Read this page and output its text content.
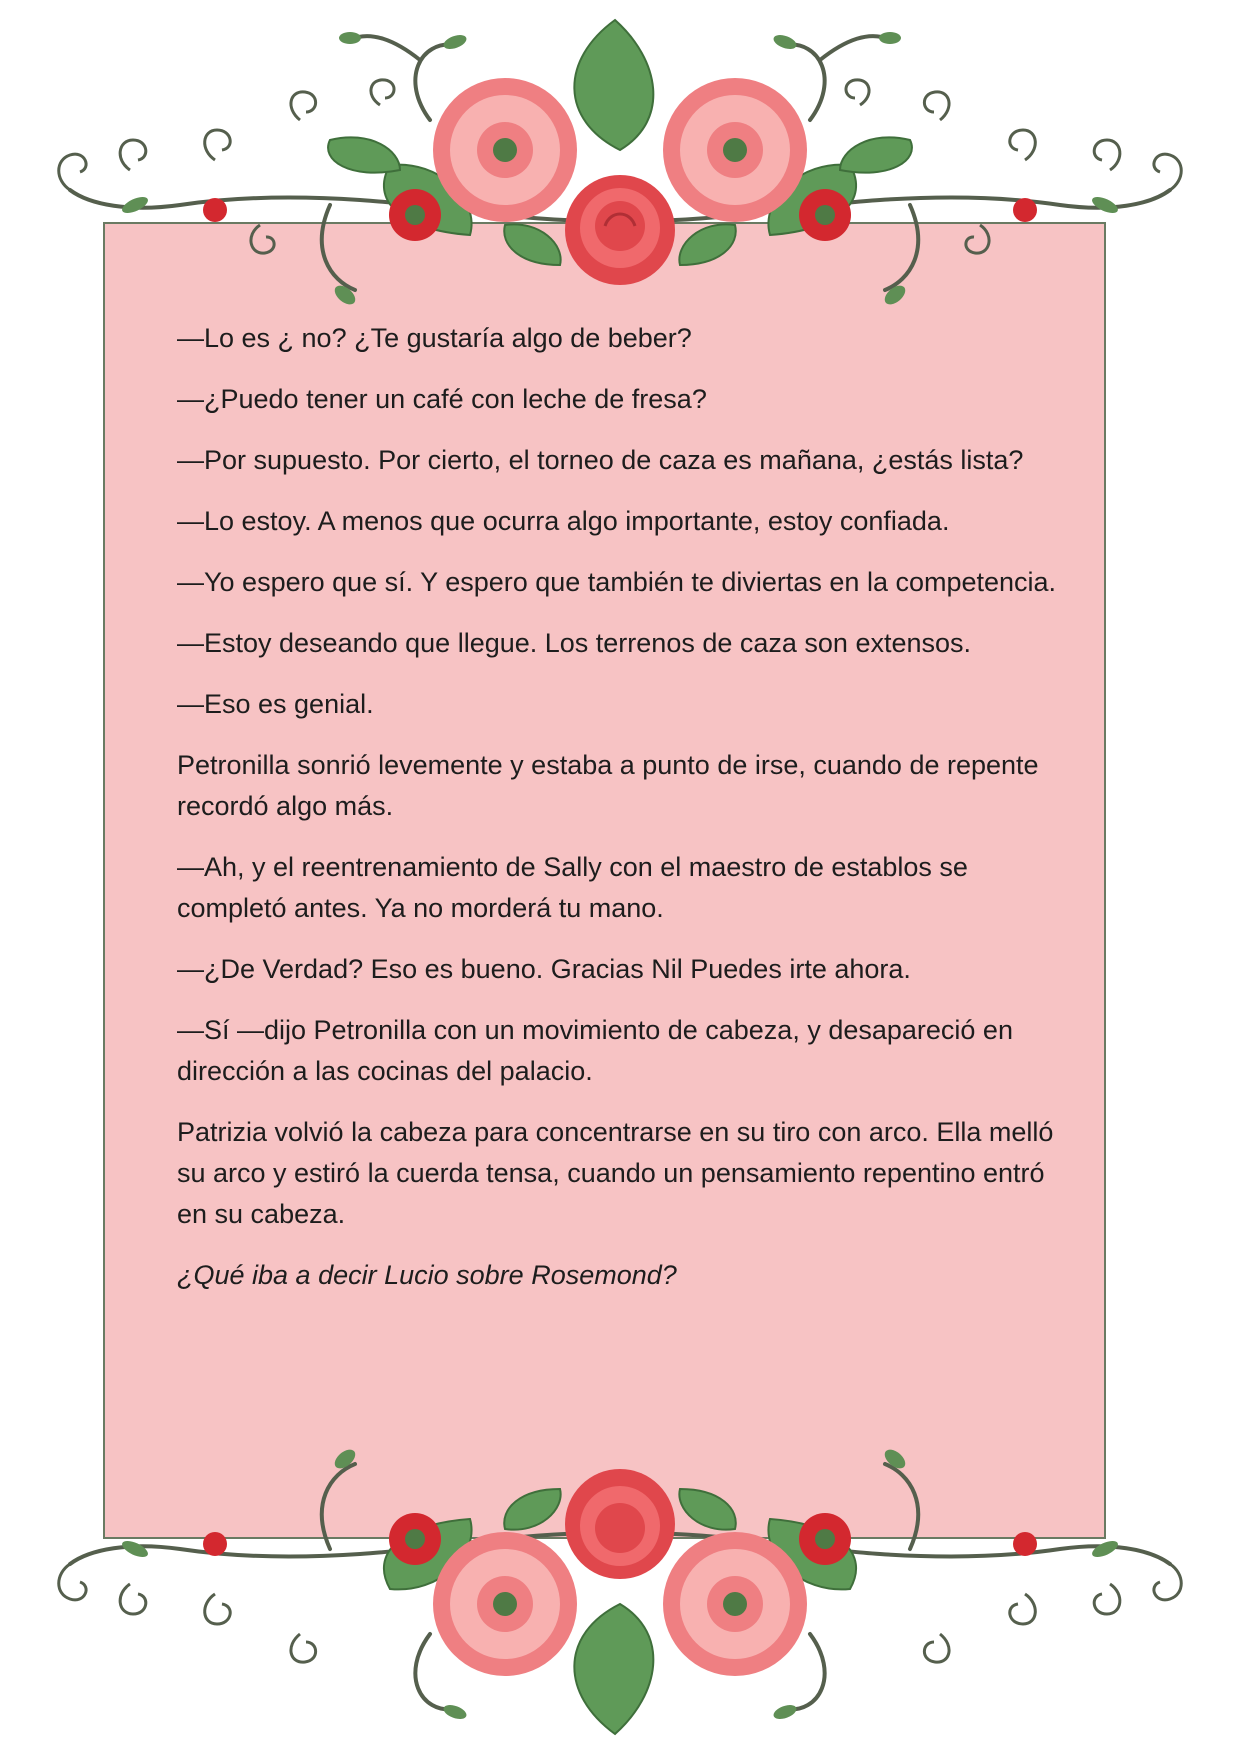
—Lo es ¿ no? ¿Te gustaría algo de beber?

—¿Puedo tener un café con leche de fresa?

—Por supuesto. Por cierto, el torneo de caza es mañana, ¿estás lista?

—Lo estoy. A menos que ocurra algo importante, estoy confiada.

—Yo espero que sí. Y espero que también te diviertas en la competencia.

—Estoy deseando que llegue. Los terrenos de caza son extensos.

—Eso es genial.

Petronilla sonrió levemente y estaba a punto de irse, cuando de repente recordó algo más.

—Ah, y el reentrenamiento de Sally con el maestro de establos se completó antes. Ya no morderá tu mano.

—¿De Verdad? Eso es bueno. Gracias Nil Puedes irte ahora.

—Sí —dijo Petronilla con un movimiento de cabeza, y desapareció en dirección a las cocinas del palacio.

Patrizia volvió la cabeza para concentrarse en su tiro con arco. Ella melló su arco y estiró la cuerda tensa, cuando un pensamiento repentino entró en su cabeza.

¿Qué iba a decir Lucio sobre Rosemond?
